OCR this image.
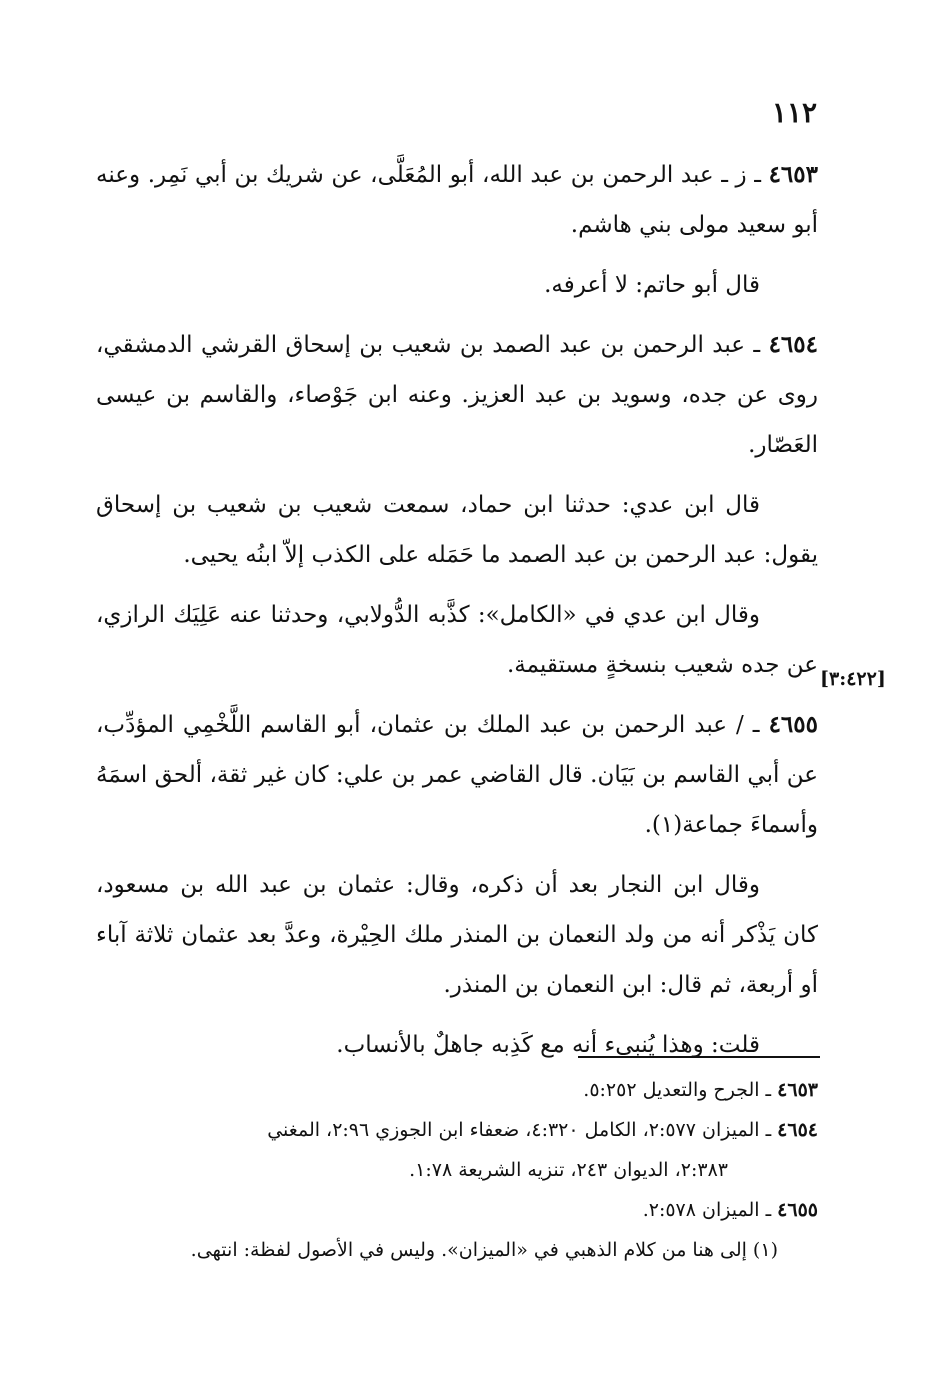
١١٢
[٣:٤٢٢]

٤٦٥٣ ـ ز ـ عبد الرحمن بن عبد الله، أبو المُعَلَّى، عن شريك بن أبي نَمِر. وعنه أبو سعيد مولى بني هاشم.

قال أبو حاتم: لا أعرفه.

٤٦٥٤ ـ عبد الرحمن بن عبد الصمد بن شعيب بن إسحاق القرشي الدمشقي، روى عن جده، وسويد بن عبد العزيز. وعنه ابن جَوْصاء، والقاسم بن عيسى العَصّار.

قال ابن عدي: حدثنا ابن حماد، سمعت شعيب بن شعيب بن إسحاق يقول: عبد الرحمن بن عبد الصمد ما حَمَله على الكذب إلاّ ابنُه يحيى.

وقال ابن عدي في «الكامل»: كذَّبه الدُّولابي، وحدثنا عنه عَلِيَك الرازي، عن جده شعيب بنسخةٍ مستقيمة.

٤٦٥٥ ـ / عبد الرحمن بن عبد الملك بن عثمان، أبو القاسم اللَّخْمِي المؤدِّب، عن أبي القاسم بن بَيَان. قال القاضي عمر بن علي: كان غير ثقة، ألحق اسمَهُ وأسماءَ جماعة(١).

وقال ابن النجار بعد أن ذكره، وقال: عثمان بن عبد الله بن مسعود، كان يَذْكر أنه من ولد النعمان بن المنذر ملك الحِيْرة، وعدَّ بعد عثمان ثلاثة آباء أو أربعة، ثم قال: ابن النعمان بن المنذر.

قلت: وهذا يُنبىء أنه مع كَذِبه جاهلٌ بالأنساب.

٤٦٥٣ ـ الجرح والتعديل ٥:٢٥٢.

٤٦٥٤ ـ الميزان ٢:٥٧٧، الكامل ٤:٣٢٠، ضعفاء ابن الجوزي ٢:٩٦، المغني

٢:٣٨٣، الديوان ٢٤٣، تنزيه الشريعة ١:٧٨.

٤٦٥٥ ـ الميزان ٢:٥٧٨.

(١) إلى هنا من كلام الذهبي في «الميزان». وليس في الأصول لفظة: انتهى.
